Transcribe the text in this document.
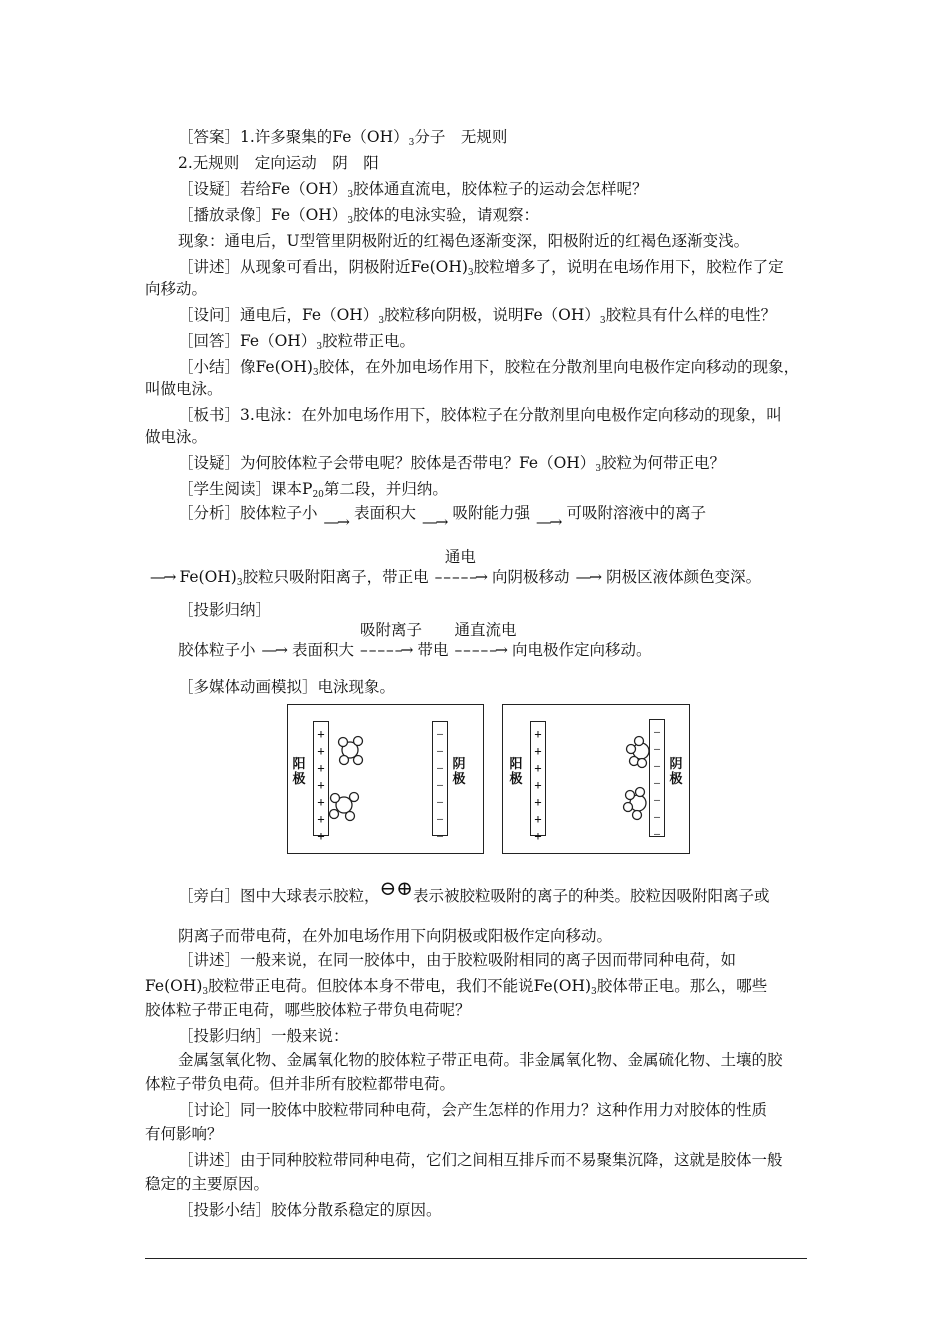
［答案］1.许多聚集的$Fe(OH)_3$分子　无规则
2.无规则　定向运动　阴　阳
［设疑］若给$Fe(OH)_3$胶体通直流电，胶体粒子的运动会怎样呢？
［播放录像$]Fe(OH)_3$胶体的电泳实验，请观察：
现象：通电后，U型管里阴极附近的红褐色逐渐变深，阳极附近的红褐色逐渐变浅。
［讲述］从现象可看出，阴极附近$Fe(OH)_3$胶粒增多了，说明在电场作用下，胶粒作了定
向移动。
［设问］通电后，$Fe(OH)_3$胶粒移向阴极，说明$Fe(OH)_3$胶粒具有什么样的电性？
［回答$]Fe(OH)_3$胶粒带正电。
［小结］像$Fe(OH)_3$胶体，在外加电场作用下，胶粒在分散剂里向电极作定向移动的现象，
叫做电泳。
［板书］3.电泳：在外加电场作用下，胶体粒子在分散剂里向电极作定向移动的现象，叫
做电泳。
［设疑］为何胶体粒子会带电呢？胶体是否带电？$Fe(OH)_3$胶粒为何带正电？
［学生阅读］课本$P_{20}$第二段，并归纳。
［分析］胶体粒子小 —→ 表面积大 —→ 吸附能力强 —→ 可吸附溶液中的离子
—→ $Fe(OH)_3$胶粒只吸附阳离子，带正电
通电
– – – – –→ 向阴极移动 —→ 阴极区液体颜色变深。
［投影归纳］
胶体粒子小 —→ 表面积大
吸附离子
– – – – –→ 带电
通直流电
– – – – –→ 向电极作定向移动。
［多媒体动画模拟］电泳现象。
阳极
+
+
+
+
+
+
+
—
—
—
—
—
—
—
阴极
阳极
+
+
+
+
+
+
+
—
—
—
—
—
—
—
阴极
［旁白］图中大球表示胶粒，⊖⊕表示被胶粒吸附的离子的种类。胶粒因吸附阳离子或
阴离子而带电荷，在外加电场作用下向阴极或阳极作定向移动。
［讲述］一般来说，在同一胶体中，由于胶粒吸附相同的离子因而带同种电荷，如
$Fe(OH)_3$胶粒带正电荷。但胶体本身不带电，我们不能说$Fe(OH)_3$胶体带正电。那么，哪些
胶体粒子带正电荷，哪些胶体粒子带负电荷呢？
［投影归纳］一般来说：
金属氢氧化物、金属氧化物的胶体粒子带正电荷。非金属氧化物、金属硫化物、土壤的胶
体粒子带负电荷。但并非所有胶粒都带电荷。
［讨论］同一胶体中胶粒带同种电荷，会产生怎样的作用力？这种作用力对胶体的性质
有何影响？
［讲述］由于同种胶粒带同种电荷，它们之间相互排斥而不易聚集沉降，这就是胶体一般
稳定的主要原因。
［投影小结］胶体分散系稳定的原因。
